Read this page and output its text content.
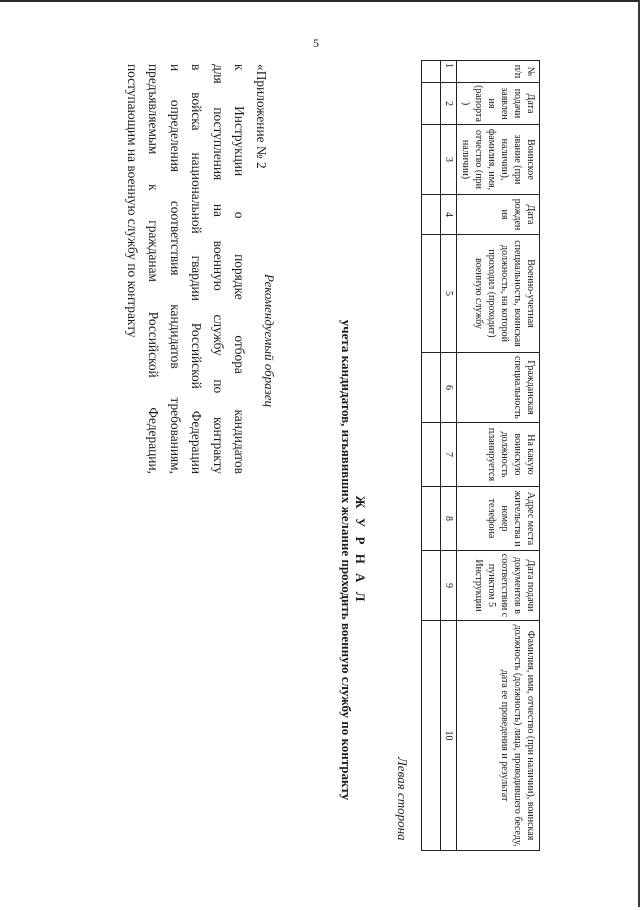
5
«Приложение № 2
к Инструкции о порядке отбора кандидатов
для поступления на военную службу по контракту
в войска национальной гвардии Российской Федерации
и определения соответствия кандидатов требованиям,
предъявляемым к гражданам Российской Федерации,
поступающим на военную службу по контракту
Рекомендуемый образец
Ж У Р Н А Л
учета кандидатов, изъявивших желание проходить военную службу по контракту	Левая сторона
№ п/п	Дата подачи заявления (рапорта)	Воинское звание (при наличии), фамилия, имя, отчество (при наличии)	Дата рождения	Военно-учетная специальность, воинская должность, на которой проходил (проходит) военную службу	Гражданская специальность	На какую воинскую должность планируется	Адрес места жительства и номер телефона	Дата подачи документов в соответствии с пунктом 5 Инструкции	Фамилия, имя, отчество (при наличии), воинская должность (должность) лица, проводившего беседу, дата ее проведения и результат
1	2	3	4	5	6	7	8	9	10
